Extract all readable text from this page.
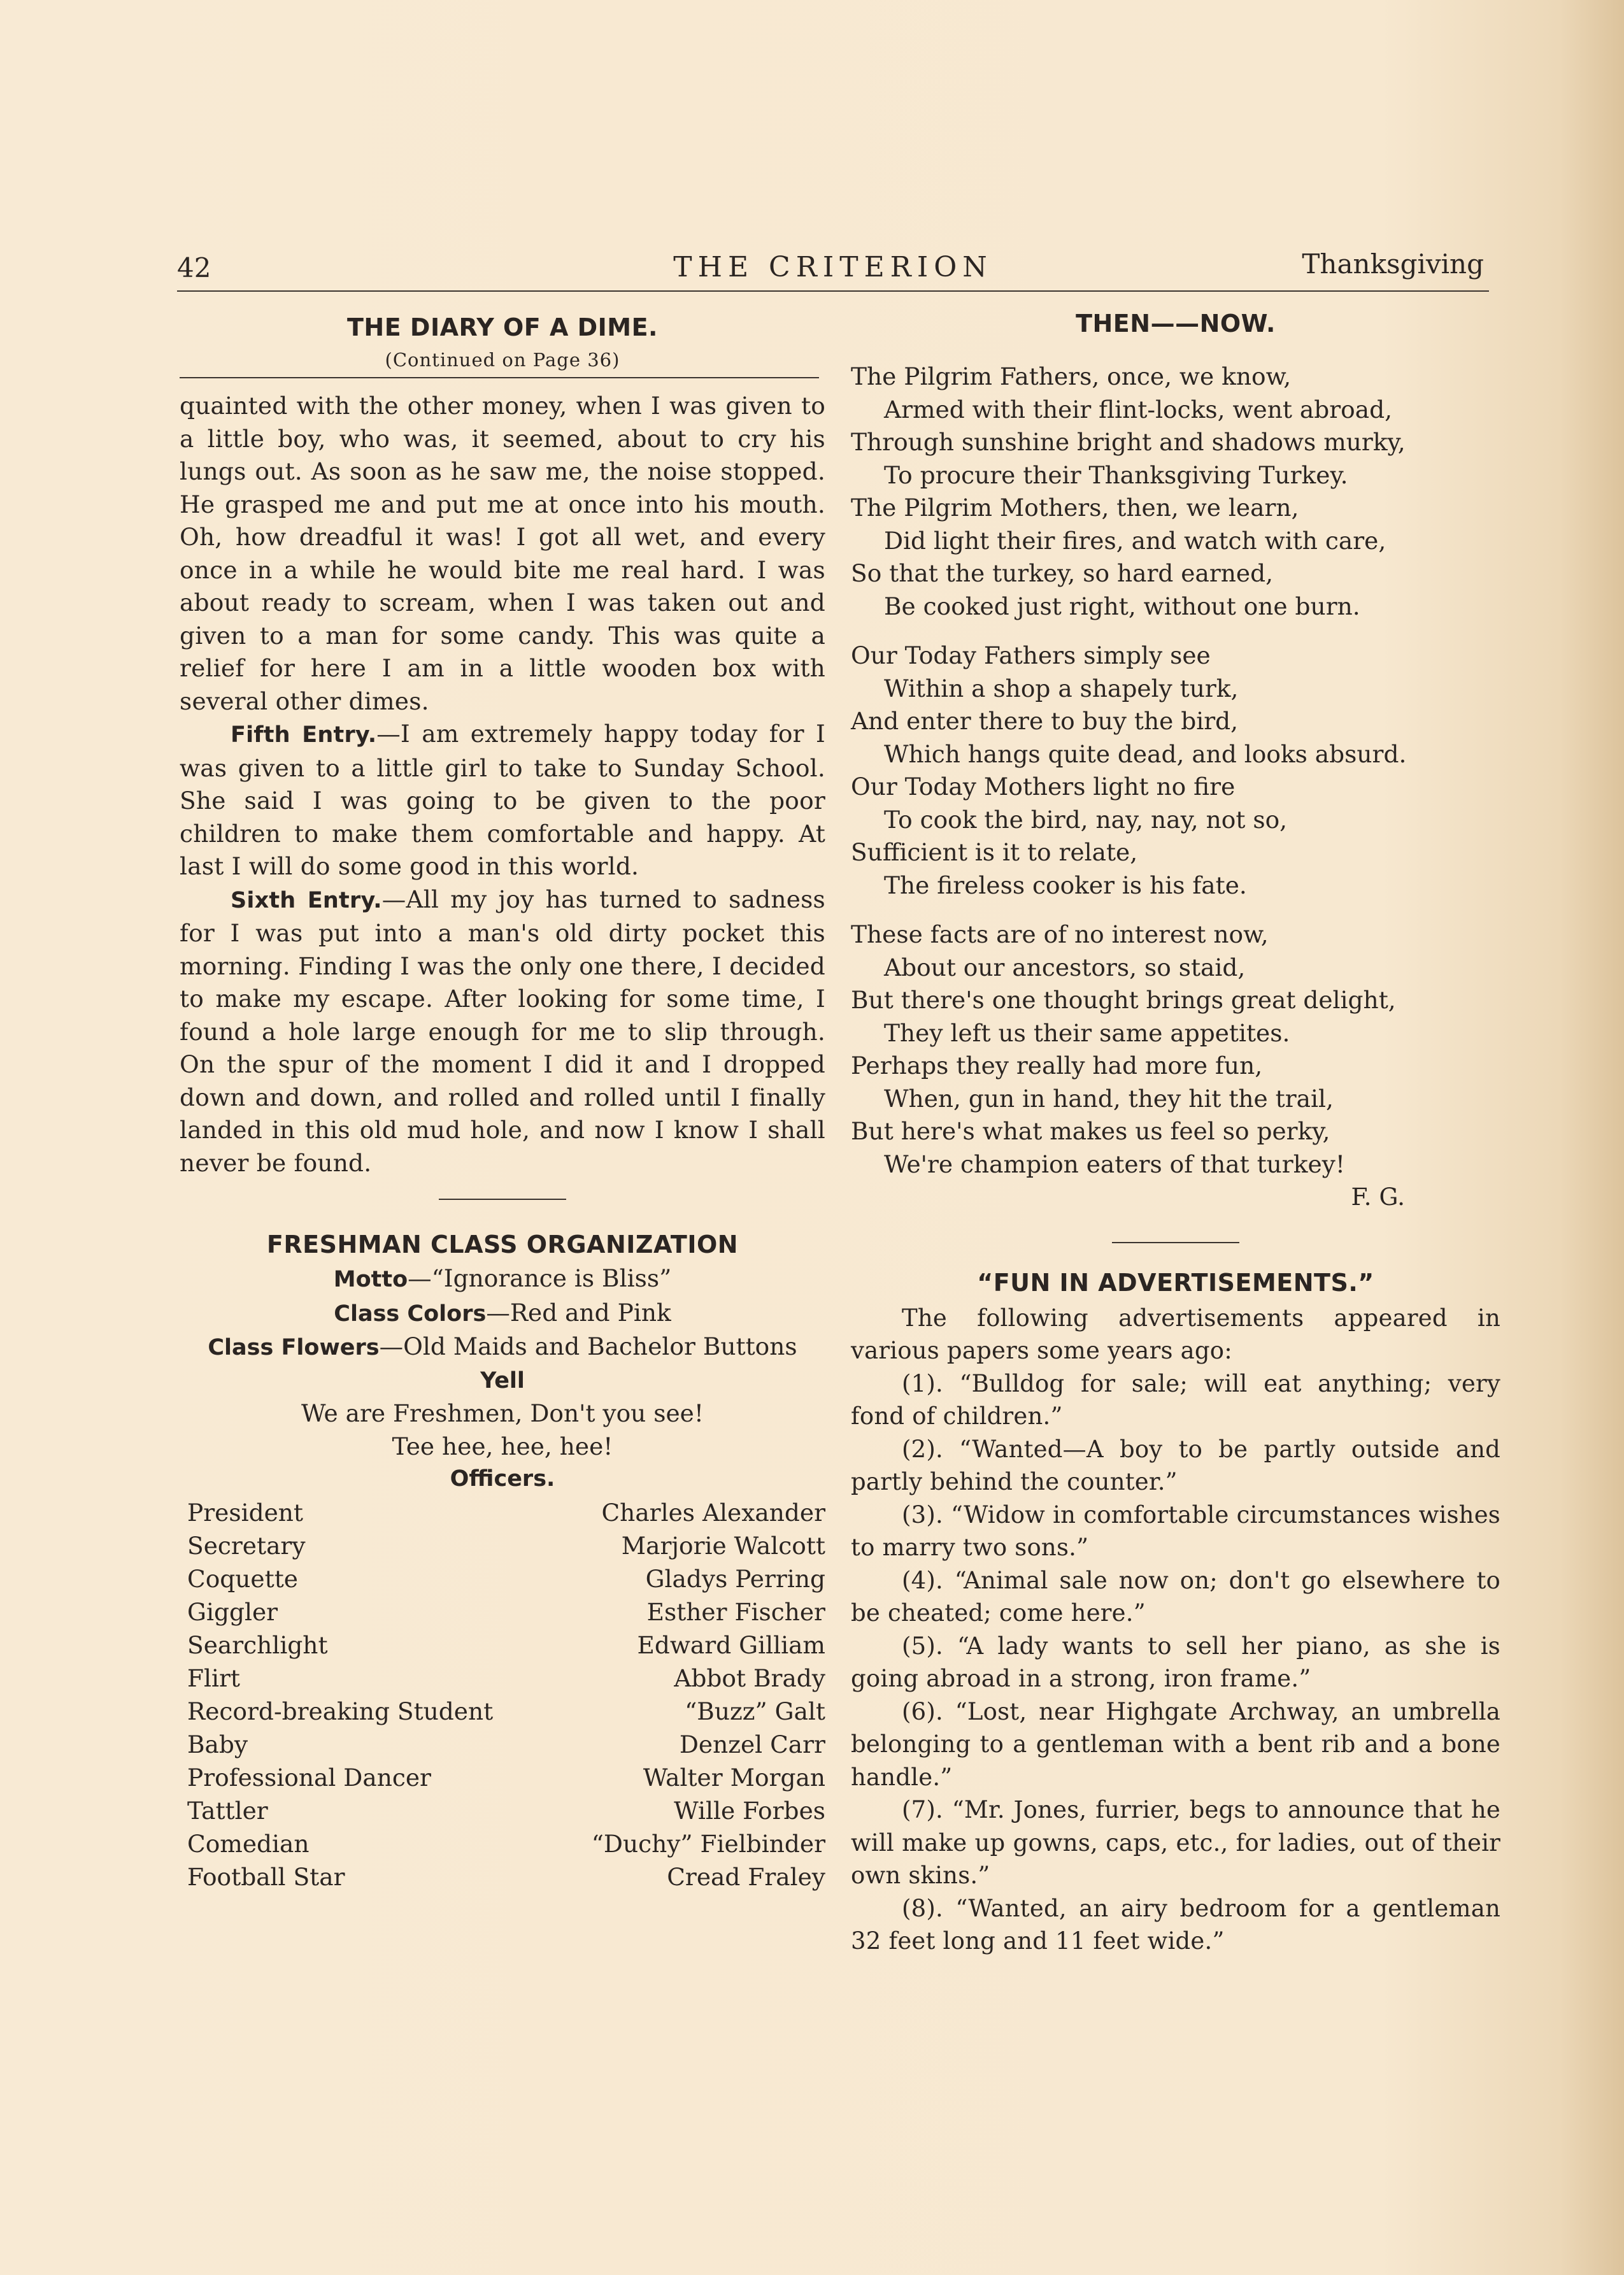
42	THE CRITERION	Thanksgiving
THE DIARY OF A DIME.
(Continued on Page 36)

quainted with the other money, when I was given to a little boy, who was, it seemed, about to cry his lungs out. As soon as he saw me, the noise stopped. He grasped me and put me at once into his mouth. Oh, how dreadful it was! I got all wet, and every once in a while he would bite me real hard. I was about ready to scream, when I was taken out and given to a man for some candy. This was quite a relief for here I am in a little wooden box with several other dimes.

Fifth Entry.—I am extremely happy today for I was given to a little girl to take to Sunday School. She said I was going to be given to the poor children to make them comfortable and happy. At last I will do some good in this world.

Sixth Entry.—All my joy has turned to sadness for I was put into a man's old dirty pocket this morning. Finding I was the only one there, I decided to make my escape. After looking for some time, I found a hole large enough for me to slip through. On the spur of the moment I did it and I dropped down and down, and rolled and rolled until I finally landed in this old mud hole, and now I know I shall never be found.

FRESHMAN CLASS ORGANIZATION
Motto—“Ignorance is Bliss”
Class Colors—Red and Pink
Class Flowers—Old Maids and Bachelor Buttons
Yell
We are Freshmen, Don't you see!
Tee hee, hee, hee!
Officers.
President	Charles Alexander
Secretary	Marjorie Walcott
Coquette	Gladys Perring
Giggler	Esther Fischer
Searchlight	Edward Gilliam
Flirt	Abbot Brady
Record-breaking Student	“Buzz” Galt
Baby	Denzel Carr
Professional Dancer	Walter Morgan
Tattler	Wille Forbes
Comedian	“Duchy” Fielbinder
Football Star	Cread Fraley
THEN——NOW.
The Pilgrim Fathers, once, we know,
Armed with their flint-locks, went abroad,
Through sunshine bright and shadows murky,
To procure their Thanksgiving Turkey.
The Pilgrim Mothers, then, we learn,
Did light their fires, and watch with care,
So that the turkey, so hard earned,
Be cooked just right, without one burn.
Our Today Fathers simply see
Within a shop a shapely turk,
And enter there to buy the bird,
Which hangs quite dead, and looks absurd.
Our Today Mothers light no fire
To cook the bird, nay, nay, not so,
Sufficient is it to relate,
The fireless cooker is his fate.
These facts are of no interest now,
About our ancestors, so staid,
But there's one thought brings great delight,
They left us their same appetites.
Perhaps they really had more fun,
When, gun in hand, they hit the trail,
But here's what makes us feel so perky,
We're champion eaters of that turkey!
F. G.
“FUN IN ADVERTISEMENTS.”

The following advertisements appeared in various papers some years ago:

(1). “Bulldog for sale; will eat anything; very fond of children.”

(2). “Wanted—A boy to be partly outside and partly behind the counter.”

(3). “Widow in comfortable circumstances wishes to marry two sons.”

(4). “Animal sale now on; don't go elsewhere to be cheated; come here.”

(5). “A lady wants to sell her piano, as she is going abroad in a strong, iron frame.”

(6). “Lost, near Highgate Archway, an umbrella belonging to a gentleman with a bent rib and a bone handle.”

(7). “Mr. Jones, furrier, begs to announce that he will make up gowns, caps, etc., for ladies, out of their own skins.”

(8). “Wanted, an airy bedroom for a gentleman 32 feet long and 11 feet wide.”
